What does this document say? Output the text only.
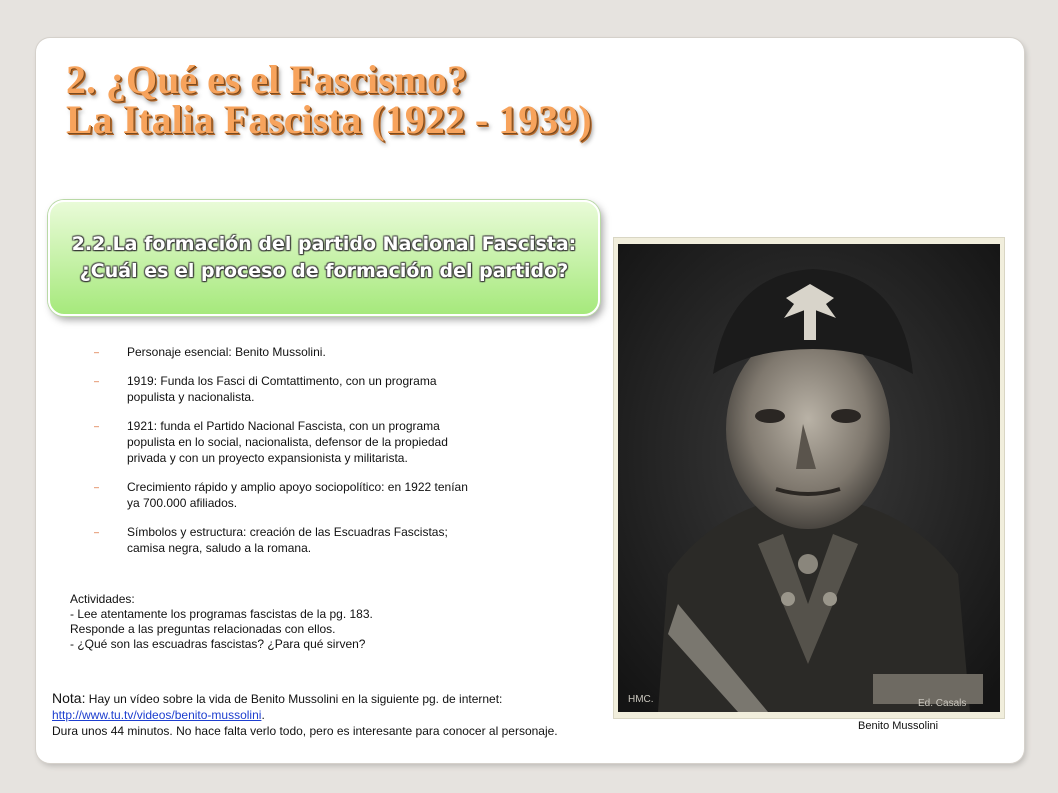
2. ¿Qué es el Fascismo?
La Italia Fascista (1922 - 1939)
2.2.La formación del partido Nacional Fascista:
¿Cuál es el proceso de formación del partido?
– Personaje esencial: Benito Mussolini.
– 1919: Funda los Fasci di Comtattimento, con un programa populista y nacionalista.
– 1921: funda el Partido Nacional Fascista, con un programa populista en lo social, nacionalista, defensor de la propiedad privada y con un proyecto expansionista y militarista.
– Crecimiento rápido y amplio apoyo sociopolítico: en 1922 tenían ya 700.000 afiliados.
– Símbolos y estructura: creación de las Escuadras Fascistas; camisa negra, saludo a la romana.
Actividades:
- Lee atentamente los programas fascistas de la pg. 183.
Responde a las preguntas relacionadas con ellos.
- ¿Qué son las escuadras fascistas? ¿Para qué sirven?
Nota: Hay un vídeo sobre la vida de Benito Mussolini en la siguiente pg. de internet:
http://www.tu.tv/videos/benito-mussolini.
Dura unos 44 minutos. No hace falta verlo todo, pero es interesante para conocer al personaje.
HMC.	Ed. Casals
Benito Mussolini
